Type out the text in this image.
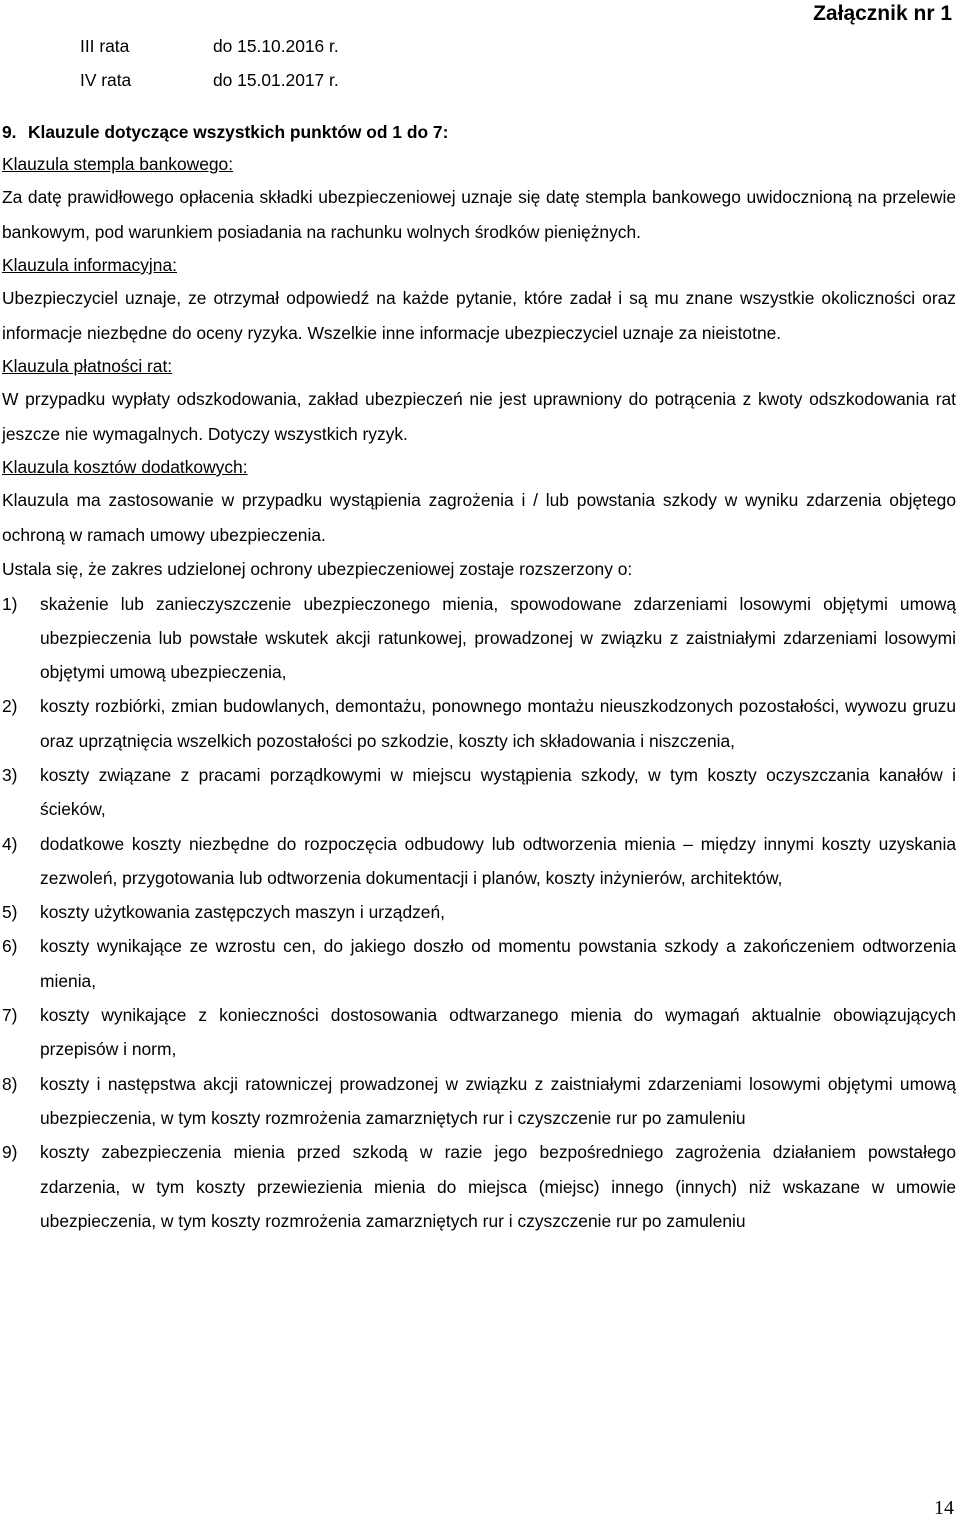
Załącznik nr 1
III rata	do 15.10.2016 r.
IV rata	do 15.01.2017 r.
9. Klauzule dotyczące wszystkich punktów od 1 do 7:
Klauzula stempla bankowego:

Za datę prawidłowego opłacenia składki ubezpieczeniowej uznaje się datę stempla bankowego uwidocznioną na przelewie bankowym, pod warunkiem posiadania na rachunku wolnych środków pieniężnych.

Klauzula informacyjna:

Ubezpieczyciel uznaje, ze otrzymał odpowiedź na każde pytanie, które zadał i są mu znane wszystkie okoliczności oraz informacje niezbędne do oceny ryzyka. Wszelkie inne informacje ubezpieczyciel uznaje za nieistotne.

Klauzula płatności rat:

W przypadku wypłaty odszkodowania, zakład ubezpieczeń nie jest uprawniony do potrącenia z kwoty odszkodowania rat jeszcze nie wymagalnych. Dotyczy wszystkich ryzyk.

Klauzula kosztów dodatkowych:

Klauzula ma zastosowanie w przypadku wystąpienia zagrożenia i / lub powstania szkody w wyniku zdarzenia objętego ochroną w ramach umowy ubezpieczenia.

Ustala się, że zakres udzielonej ochrony ubezpieczeniowej zostaje rozszerzony o:

1) skażenie lub zanieczyszczenie ubezpieczonego mienia, spowodowane zdarzeniami losowymi objętymi umową ubezpieczenia lub powstałe wskutek akcji ratunkowej, prowadzonej w związku z zaistniałymi zdarzeniami losowymi objętymi umową ubezpieczenia,
2) koszty rozbiórki, zmian budowlanych, demontażu, ponownego montażu nieuszkodzonych pozostałości, wywozu gruzu oraz uprzątnięcia wszelkich pozostałości po szkodzie, koszty ich składowania i niszczenia,
3) koszty związane z pracami porządkowymi w miejscu wystąpienia szkody, w tym koszty oczyszczania kanałów i ścieków,
4) dodatkowe koszty niezbędne do rozpoczęcia odbudowy lub odtworzenia mienia – między innymi koszty uzyskania zezwoleń, przygotowania lub odtworzenia dokumentacji i planów, koszty inżynierów, architektów,
5) koszty użytkowania zastępczych maszyn i urządzeń,
6) koszty wynikające ze wzrostu cen, do jakiego doszło od momentu powstania szkody a zakończeniem odtworzenia mienia,
7) koszty wynikające z konieczności dostosowania odtwarzanego mienia do wymagań aktualnie obowiązujących przepisów i norm,
8) koszty i następstwa akcji ratowniczej prowadzonej w związku z zaistniałymi zdarzeniami losowymi objętymi umową ubezpieczenia, w tym koszty rozmrożenia zamarzniętych rur i czyszczenie rur po zamuleniu
9) koszty zabezpieczenia mienia przed szkodą w razie jego bezpośredniego zagrożenia działaniem powstałego zdarzenia, w tym koszty przewiezienia mienia do miejsca (miejsc) innego (innych) niż wskazane w umowie ubezpieczenia, w tym koszty rozmrożenia zamarzniętych rur i czyszczenie rur po zamuleniu
14
